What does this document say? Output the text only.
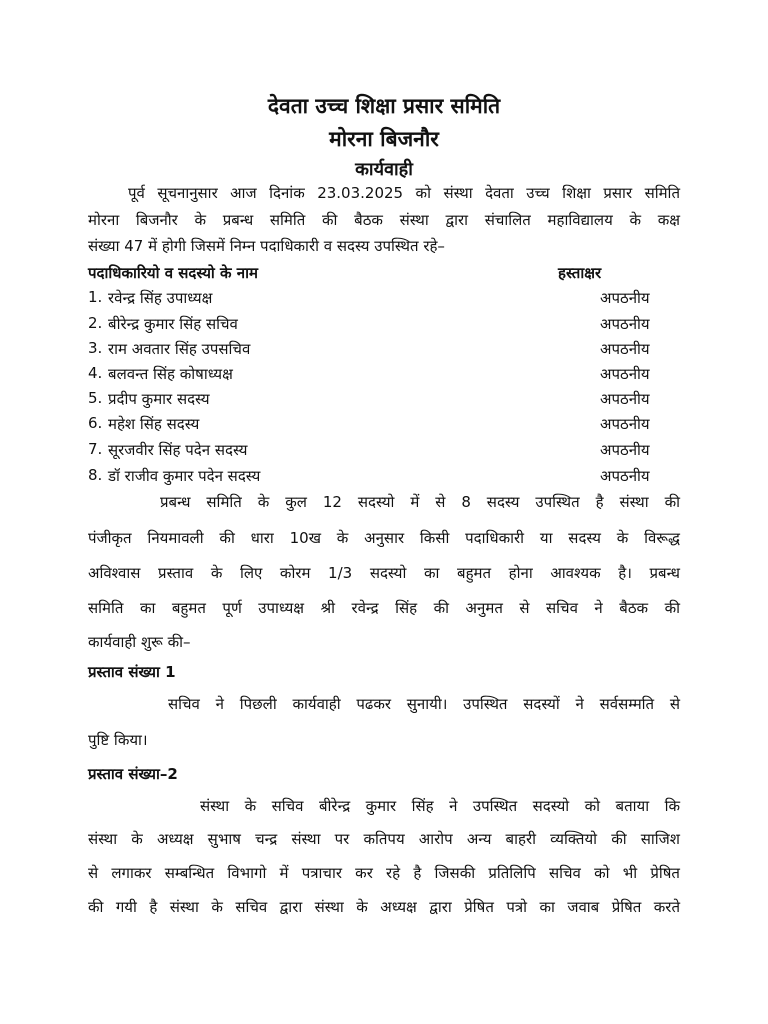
देवता उच्च शिक्षा प्रसार समिति
मोरना बिजनौर
कार्यवाही
पूर्व सूचनानुसार आज दिनांक 23.03.2025 को संस्था देवता उच्च शिक्षा प्रसार समिति
मोरना बिजनौर के प्रबन्ध समिति की बैठक संस्था द्वारा संचालित महाविद्यालय के कक्ष
संख्या 47 में होगी जिसमें निम्न पदाधिकारी व सदस्य उपस्थित रहे–
पदाधिकारियो व सदस्यो के नाम	हस्ताक्षर
1. रवेन्द्र सिंह उपाध्यक्ष	अपठनीय
2. बीरेन्द्र कुमार सिंह सचिव	अपठनीय
3. राम अवतार सिंह उपसचिव	अपठनीय
4. बलवन्त सिंह कोषाध्यक्ष	अपठनीय
5. प्रदीप कुमार सदस्य	अपठनीय
6. महेश सिंह सदस्य	अपठनीय
7. सूरजवीर सिंह पदेन सदस्य	अपठनीय
8. डॉ राजीव कुमार पदेन सदस्य	अपठनीय
प्रबन्ध समिति के कुल 12 सदस्यो में से 8 सदस्य उपस्थित है संस्था की
पंजीकृत नियमावली की धारा 10ख के अनुसार किसी पदाधिकारी या सदस्य के विरूद्ध
अविश्वास प्रस्ताव के लिए कोरम 1/3 सदस्यो का बहुमत होना आवश्यक है। प्रबन्ध
समिति का बहुमत पूर्ण उपाध्यक्ष श्री रवेन्द्र सिंह की अनुमत से सचिव ने बैठक की
कार्यवाही शुरू की–
प्रस्ताव संख्या 1
सचिव ने पिछली कार्यवाही पढकर सुनायी। उपस्थित सदस्यों ने सर्वसम्मति से
पुष्टि किया।
प्रस्ताव संख्या–2
संस्था के सचिव बीरेन्द्र कुमार सिंह ने उपस्थित सदस्यो को बताया कि
संस्था के अध्यक्ष सुभाष चन्द्र संस्था पर कतिपय आरोप अन्य बाहरी व्यक्तियो की साजिश
से लगाकर सम्बन्धित विभागो में पत्राचार कर रहे है जिसकी प्रतिलिपि सचिव को भी प्रेषित
की गयी है संस्था के सचिव द्वारा संस्था के अध्यक्ष द्वारा प्रेषित पत्रो का जवाब प्रेषित करते
